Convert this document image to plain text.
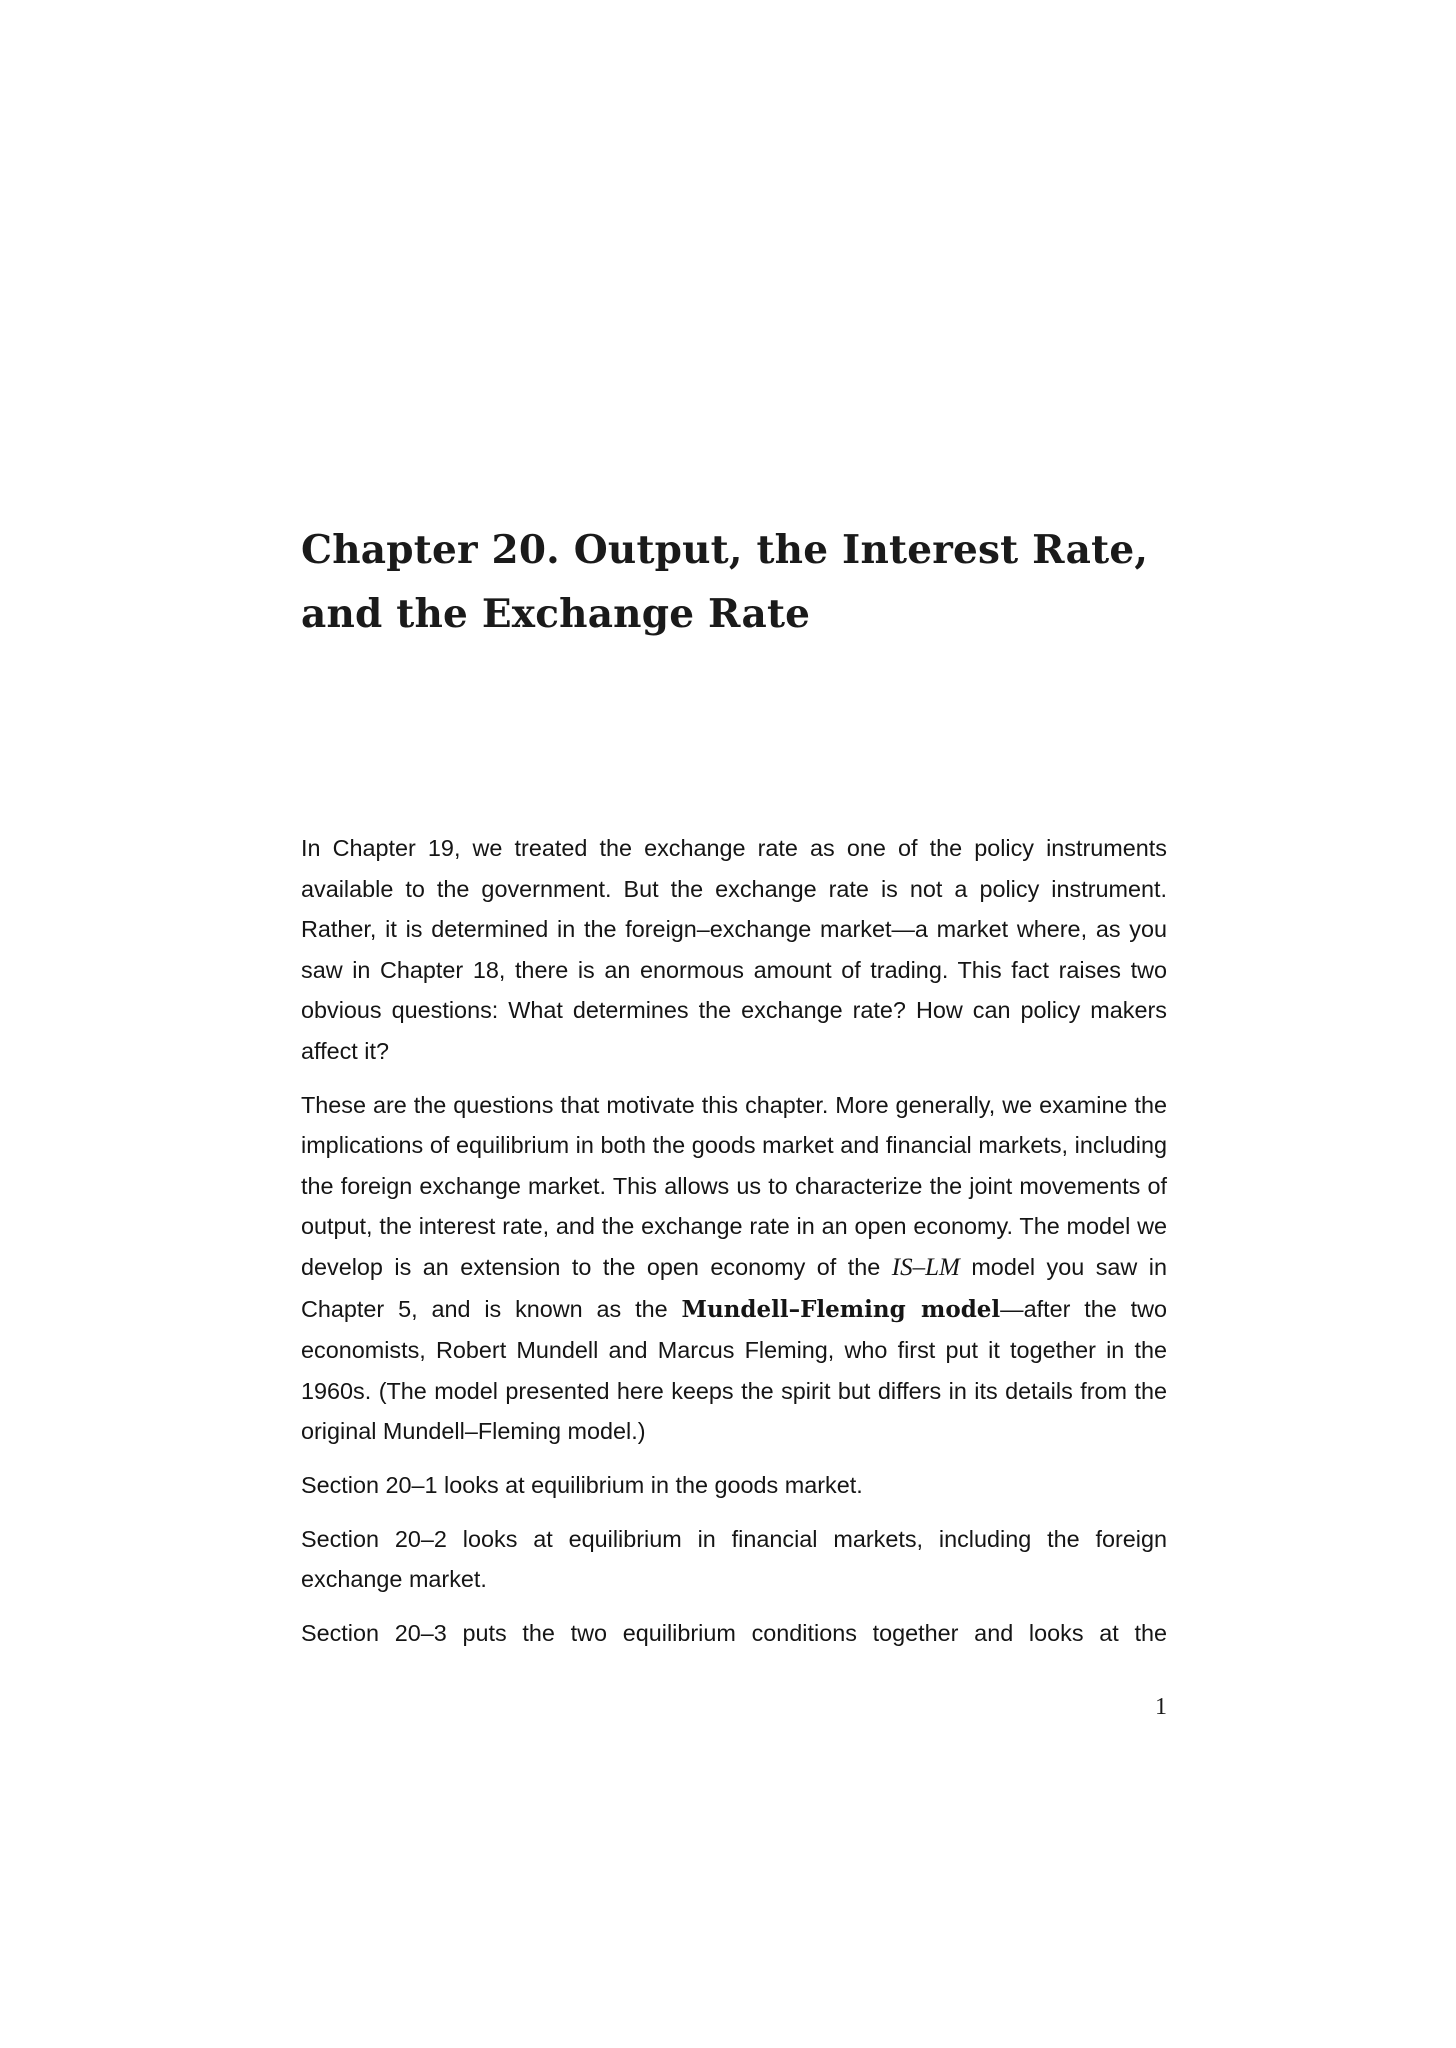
Chapter 20. Output, the Interest Rate,
and the Exchange Rate

In Chapter 19, we treated the exchange rate as one of the policy instruments available to the government. But the exchange rate is not a policy instrument. Rather, it is determined in the foreign–exchange market—a market where, as you saw in Chapter 18, there is an enormous amount of trading. This fact raises two obvious questions: What determines the exchange rate? How can policy makers affect it?

These are the questions that motivate this chapter. More generally, we examine the implications of equilibrium in both the goods market and financial markets, including the foreign exchange market. This allows us to characterize the joint movements of output, the interest rate, and the exchange rate in an open economy. The model we develop is an extension to the open economy of the IS–LM model you saw in Chapter 5, and is known as the Mundell–Fleming model—after the two economists, Robert Mundell and Marcus Fleming, who first put it together in the 1960s. (The model presented here keeps the spirit but differs in its details from the original Mundell–Fleming model.)

Section 20–1 looks at equilibrium in the goods market.

Section 20–2 looks at equilibrium in financial markets, including the foreign exchange market.

Section 20–3 puts the two equilibrium conditions together and looks at the

1
